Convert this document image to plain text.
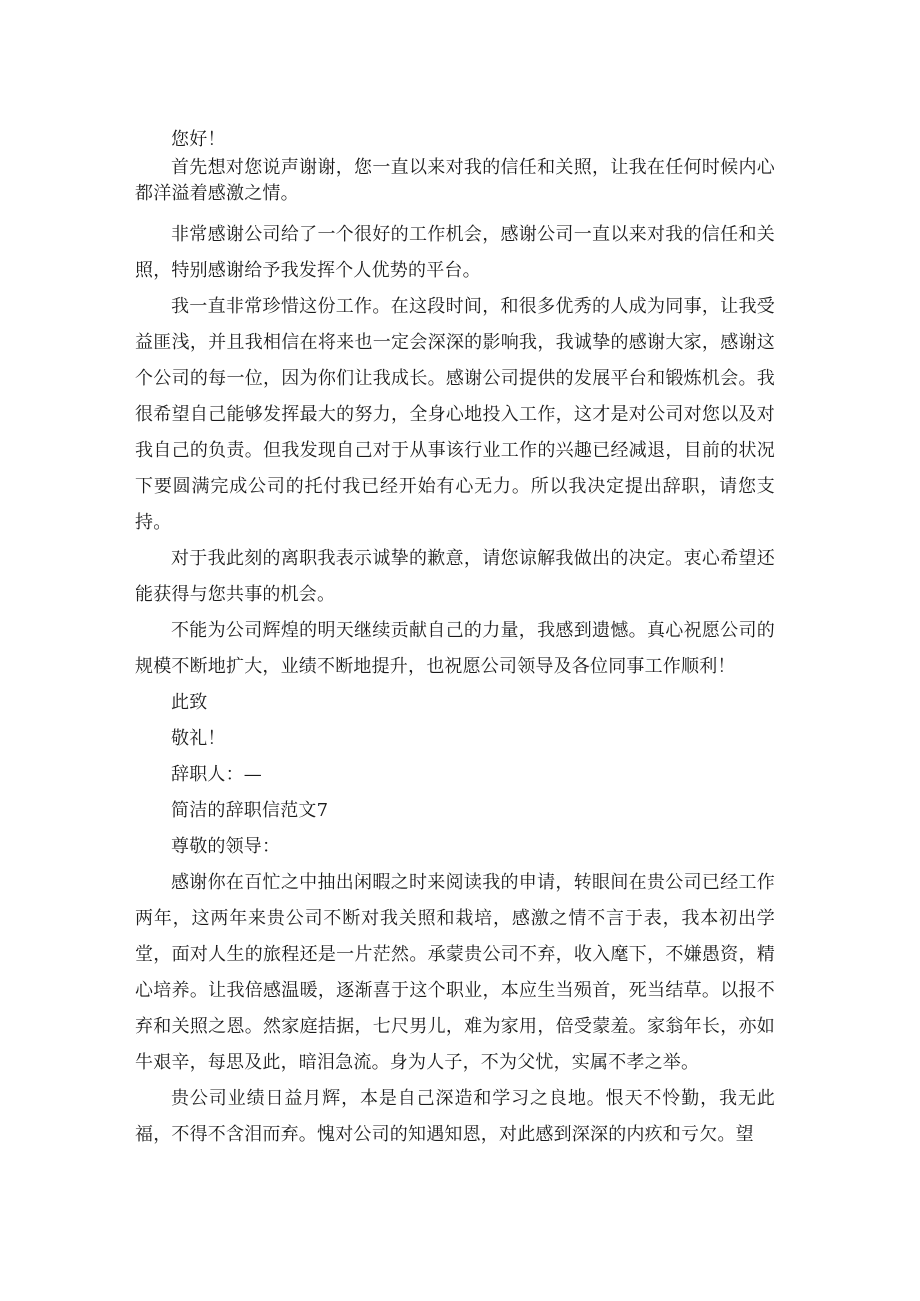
您好！

首先想对您说声谢谢，您一直以来对我的信任和关照，让我在任何时候内心都洋溢着感激之情。

非常感谢公司给了一个很好的工作机会，感谢公司一直以来对我的信任和关照，特别感谢给予我发挥个人优势的平台。

我一直非常珍惜这份工作。在这段时间，和很多优秀的人成为同事，让我受益匪浅，并且我相信在将来也一定会深深的影响我，我诚挚的感谢大家，感谢这个公司的每一位，因为你们让我成长。感谢公司提供的发展平台和锻炼机会。我很希望自己能够发挥最大的努力，全身心地投入工作，这才是对公司对您以及对我自己的负责。但我发现自己对于从事该行业工作的兴趣已经减退，目前的状况下要圆满完成公司的托付我已经开始有心无力。所以我决定提出辞职，请您支持。

对于我此刻的离职我表示诚挚的歉意，请您谅解我做出的决定。衷心希望还能获得与您共事的机会。

不能为公司辉煌的明天继续贡献自己的力量，我感到遗憾。真心祝愿公司的规模不断地扩大，业绩不断地提升，也祝愿公司领导及各位同事工作顺利！

此致

敬礼！

辞职人：—

简洁的辞职信范文7

尊敬的领导：

感谢你在百忙之中抽出闲暇之时来阅读我的申请，转眼间在贵公司已经工作两年，这两年来贵公司不断对我关照和栽培，感激之情不言于表，我本初出学堂，面对人生的旅程还是一片茫然。承蒙贵公司不弃，收入麾下，不嫌愚资，精心培养。让我倍感温暖，逐渐喜于这个职业，本应生当殒首，死当结草。以报不弃和关照之恩。然家庭拮据，七尺男儿，难为家用，倍受蒙羞。家翁年长，亦如牛艰辛，每思及此，暗泪急流。身为人子，不为父忧，实属不孝之举。

贵公司业绩日益月辉，本是自己深造和学习之良地。恨天不怜勤，我无此福，不得不含泪而弃。愧对公司的知遇知恩，对此感到深深的内疚和亏欠。望
